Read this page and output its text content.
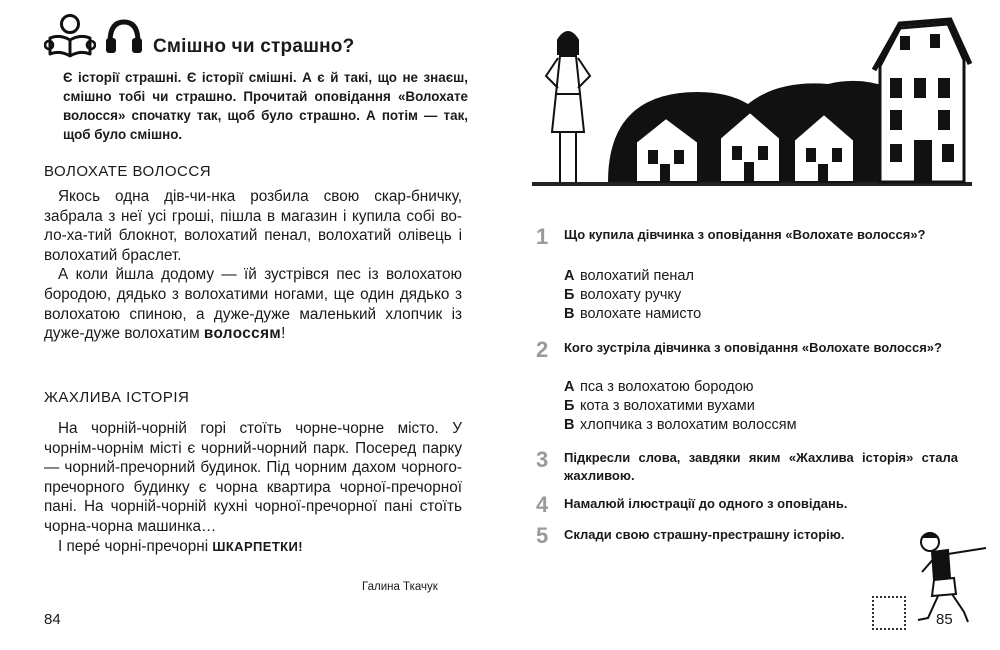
Смішно чи страшно?
Є історії страшні. Є історії смішні. А є й такі, що не знаєш, смішно тобі чи страшно. Прочитай оповідання «Волохате волосся» спочатку так, щоб було страшно. А потім — так, щоб було смішно.
ВОЛОХАТЕ ВОЛОССЯ

Якось одна дів-чи-нка розбила свою скар-бничку, забрала з неї усі гроші, пішла в магазин і купила собі во-ло-ха-тий блокнот, волохатий пенал, волохатий олівець і волохатий браслет.

А коли йшла додому — їй зустрівся пес із волохатою бородою, дядько з волохатими ногами, ще один дядько з волохатою спиною, а дуже-дуже маленький хлопчик із дуже-дуже волохатим волоссям!

ЖАХЛИВА ІСТОРІЯ

На чорній-чорній горі стоїть чорне-чорне місто. У чорнім-чорнім місті є чорний-чорний парк. Посеред парку — чорний-пречорний будинок. Під чорним дахом чорного-пречорного будинку є чорна квартира чорної-пречорної пані. На чорній-чорній кухні чорної-пречорної пані стоїть чорна-чорна машинка…

І пере́ чорні-пречорні ШКАРПЕТКИ!

Галина Ткачук
84
1 Що купила дівчинка з оповідання «Волохате волосся»?
А волохатий пенал
Б волохату ручку
В волохате намисто
2 Кого зустріла дівчинка з оповідання «Волохате волосся»?
А пса з волохатою бородою
Б кота з волохатими вухами
В хлопчика з волохатим волоссям
3 Підкресли слова, завдяки яким «Жахлива історія» стала жахливою.
4 Намалюй ілюстрації до одного з оповідань.
5 Склади свою страшну-престрашну історію.
85
